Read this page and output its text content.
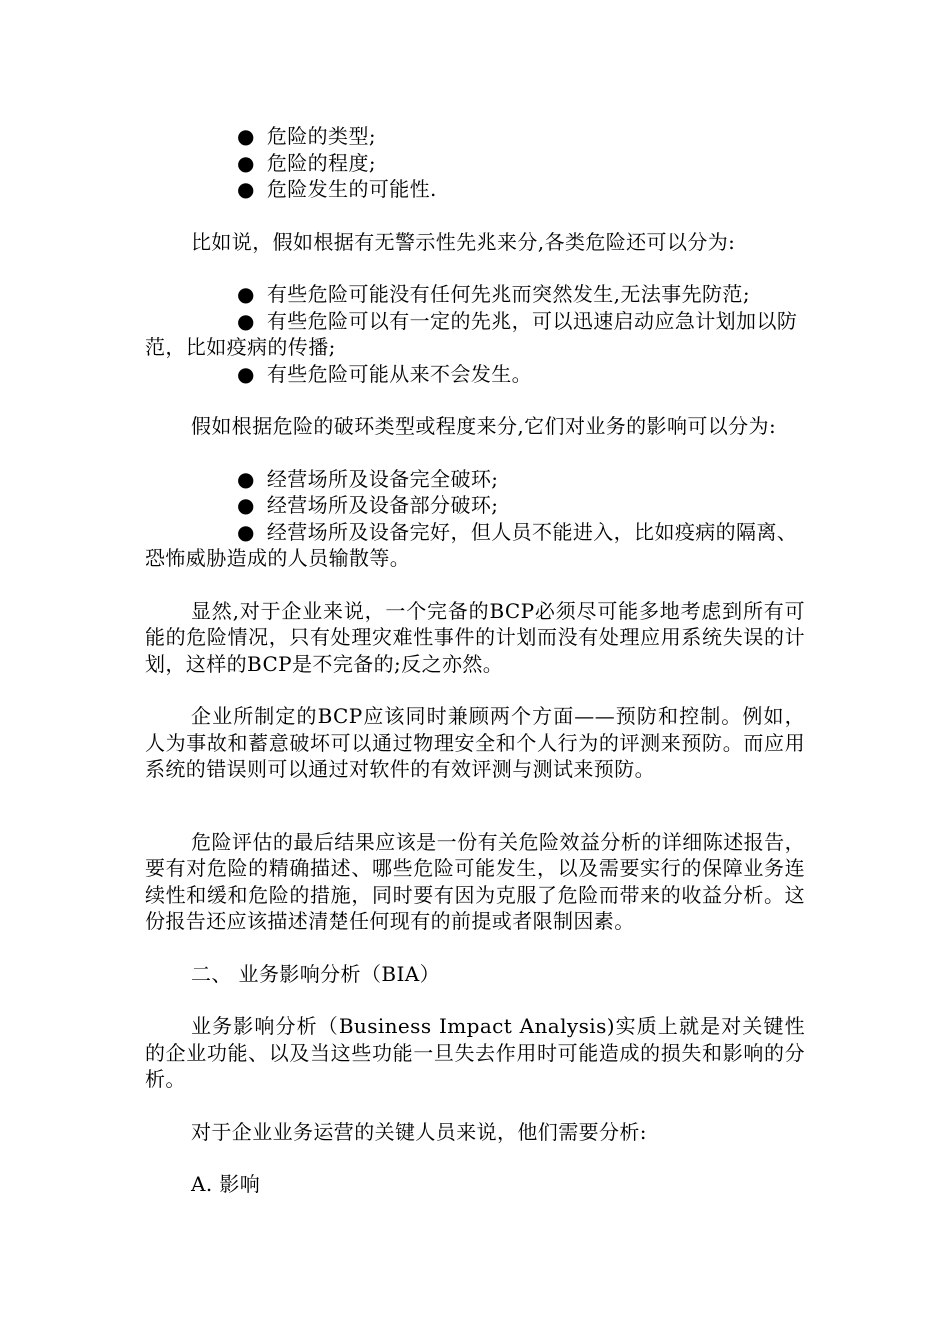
● 危险的类型;

● 危险的程度;

● 危险发生的可能性.

比如说，假如根据有无警示性先兆来分,各类危险还可以分为:

● 有些危险可能没有任何先兆而突然发生,无法事先防范;

● 有些危险可以有一定的先兆，可以迅速启动应急计划加以防范，比如疫病的传播;

● 有些危险可能从来不会发生。

假如根据危险的破环类型或程度来分,它们对业务的影响可以分为:

● 经营场所及设备完全破环;

● 经营场所及设备部分破环;

● 经营场所及设备完好，但人员不能进入，比如疫病的隔离、恐怖威胁造成的人员输散等。

显然,对于企业来说，一个完备的BCP必须尽可能多地考虑到所有可能的危险情况，只有处理灾难性事件的计划而没有处理应用系统失误的计划，这样的BCP是不完备的;反之亦然。

企业所制定的BCP应该同时兼顾两个方面——预防和控制。例如，人为事故和蓄意破坏可以通过物理安全和个人行为的评测来预防。而应用系统的错误则可以通过对软件的有效评测与测试来预防。

危险评估的最后结果应该是一份有关危险效益分析的详细陈述报告，要有对危险的精确描述、哪些危险可能发生，以及需要实行的保障业务连续性和缓和危险的措施，同时要有因为克服了危险而带来的收益分析。这份报告还应该描述清楚任何现有的前提或者限制因素。

二、 业务影响分析（BIA）

业务影响分析（Business Impact Analysis)实质上就是对关键性的企业功能、以及当这些功能一旦失去作用时可能造成的损失和影响的分析。

对于企业业务运营的关键人员来说，他们需要分析:

A. 影响
